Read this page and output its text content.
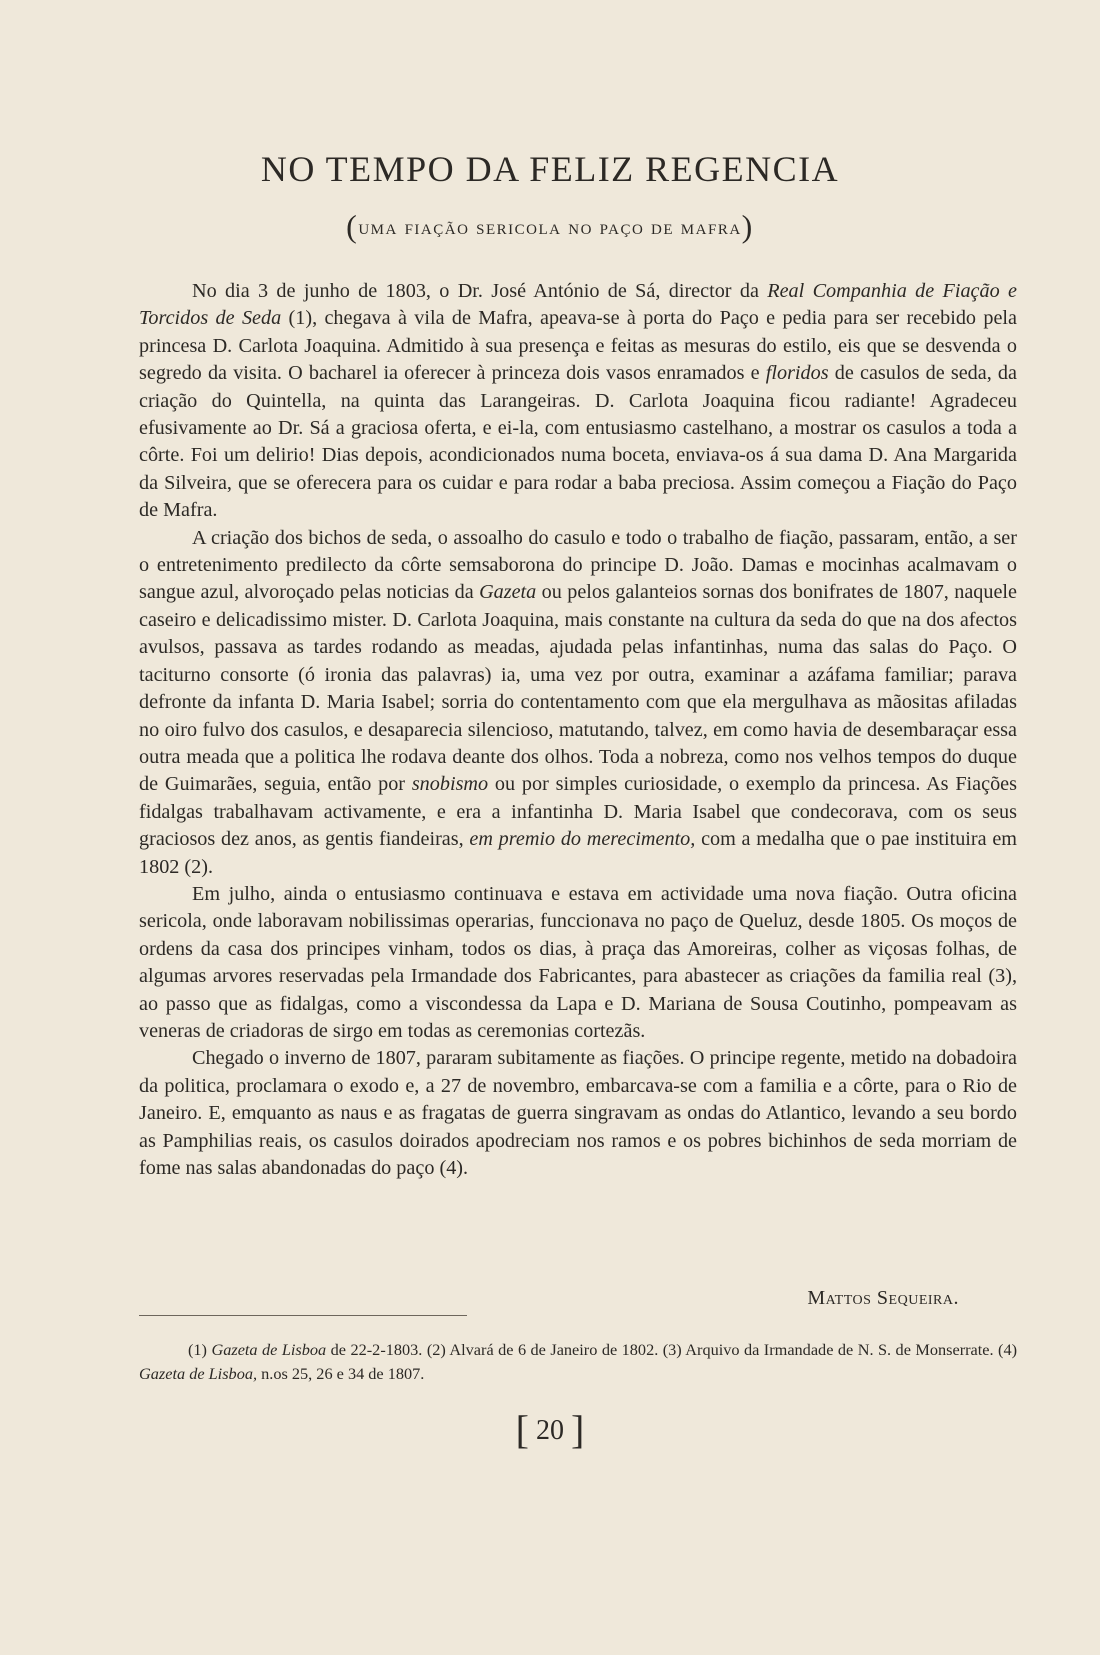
NO TEMPO DA FELIZ REGENCIA
(uma fiação sericola no paço de mafra)

No dia 3 de junho de 1803, o Dr. José António de Sá, director da Real Companhia de Fiação e Torcidos de Seda (1), chegava à vila de Mafra, apeava-se à porta do Paço e pedia para ser recebido pela princesa D. Carlota Joaquina. Admitido à sua presença e feitas as mesuras do estilo, eis que se desvenda o segredo da visita. O bacharel ia oferecer à princeza dois vasos enramados e floridos de casulos de seda, da criação do Quintella, na quinta das Larangeiras. D. Carlota Joaquina ficou radiante! Agradeceu efusivamente ao Dr. Sá a graciosa oferta, e ei-la, com entusiasmo castelhano, a mostrar os casulos a toda a côrte. Foi um delirio! Dias depois, acondicionados numa boceta, enviava-os á sua dama D. Ana Margarida da Silveira, que se oferecera para os cuidar e para rodar a baba preciosa. Assim começou a Fiação do Paço de Mafra.

A criação dos bichos de seda, o assoalho do casulo e todo o trabalho de fiação, passaram, então, a ser o entretenimento predilecto da côrte semsaborona do principe D. João. Damas e mocinhas acalmavam o sangue azul, alvoroçado pelas noticias da Gazeta ou pelos galanteios sornas dos bonifrates de 1807, naquele caseiro e delicadissimo mister. D. Carlota Joaquina, mais constante na cultura da seda do que na dos afectos avulsos, passava as tardes rodando as meadas, ajudada pelas infantinhas, numa das salas do Paço. O taciturno consorte (ó ironia das palavras) ia, uma vez por outra, examinar a azáfama familiar; parava defronte da infanta D. Maria Isabel; sorria do contentamento com que ela mergulhava as mãositas afiladas no oiro fulvo dos casulos, e desaparecia silencioso, matutando, talvez, em como havia de desembaraçar essa outra meada que a politica lhe rodava deante dos olhos. Toda a nobreza, como nos velhos tempos do duque de Guimarães, seguia, então por snobismo ou por simples curiosidade, o exemplo da princesa. As Fiações fidalgas trabalhavam activamente, e era a infantinha D. Maria Isabel que condecorava, com os seus graciosos dez anos, as gentis fiandeiras, em premio do merecimento, com a medalha que o pae instituira em 1802 (2).

Em julho, ainda o entusiasmo continuava e estava em actividade uma nova fiação. Outra oficina sericola, onde laboravam nobilissimas operarias, funccionava no paço de Queluz, desde 1805. Os moços de ordens da casa dos principes vinham, todos os dias, à praça das Amoreiras, colher as viçosas folhas, de algumas arvores reservadas pela Irmandade dos Fabricantes, para abastecer as criações da familia real (3), ao passo que as fidalgas, como a viscondessa da Lapa e D. Mariana de Sousa Coutinho, pompeavam as veneras de criadoras de sirgo em todas as ceremonias cortezãs.

Chegado o inverno de 1807, pararam subitamente as fiações. O principe regente, metido na dobadoira da politica, proclamara o exodo e, a 27 de novembro, embarcava-se com a familia e a côrte, para o Rio de Janeiro. E, emquanto as naus e as fragatas de guerra singravam as ondas do Atlantico, levando a seu bordo as Pamphilias reais, os casulos doirados apodreciam nos ramos e os pobres bichinhos de seda morriam de fome nas salas abandonadas do paço (4).

Mattos Sequeira.

(1) Gazeta de Lisboa de 22-2-1803. (2) Alvará de 6 de Janeiro de 1802. (3) Arquivo da Irmandade de N. S. de Monserrate. (4) Gazeta de Lisboa, n.os 25, 26 e 34 de 1807.

[ 20 ]
